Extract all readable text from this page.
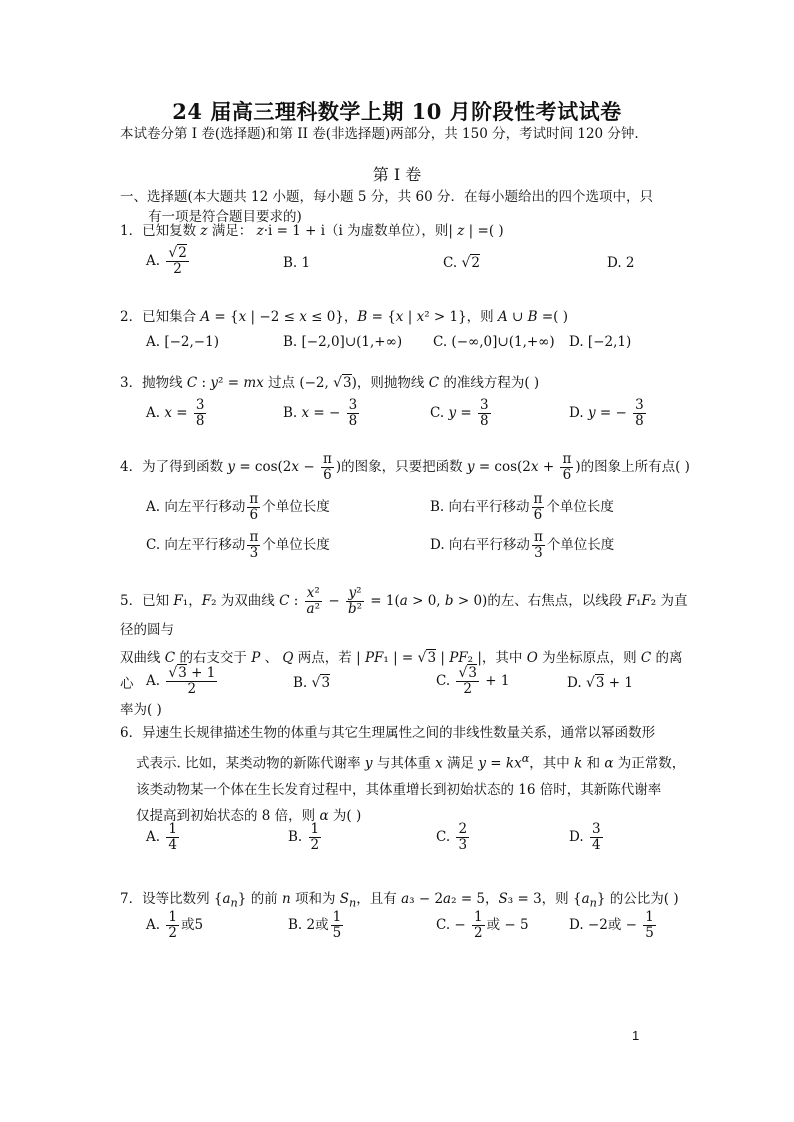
24 届高三理科数学上期 10 月阶段性考试试卷
本试卷分第 I 卷(选择题)和第 II 卷(非选择题)两部分，共 150 分，考试时间 120 分钟.
第 I 卷
一、选择题(本大题共 12 小题，每小题 5 分，共 60 分．在每小题给出的四个选项中，只
有一项是符合题目要求的)
1．已知复数 z 满足： z·i = 1 + i（i 为虚数单位），则| z | =( )
A. $\frac{√2}{2}$	B. 1	C. √2	D. 2
2．已知集合 A = {x | −2 ≤ x ≤ 0}，B = {x | x² > 1}，则 A ∪ B =( )
A. [−2,−1)	B. [−2,0]∪(1,+∞) C. (−∞,0]∪(1,+∞) D. [−2,1)
3．抛物线 C : y² = mx 过点 (−2, √3)，则抛物线 C 的准线方程为( )
A. $x = \frac{3}{8}$	B. x = − $\frac{3}{8}$	C. $y = \frac{3}{8}$	D. y = − $\frac{3}{8}$
4．为了得到函数 $y = \cos(2x - \frac{\pi}{6}$ )的图象，只要把函数 $y = \cos(2x + \frac{\pi}{6}$ )的图象上所有点( )
A. 向左平行移动 $\frac{\pi}{6}$ 个单位长度	B. 向右平行移动 $\frac{\pi}{6}$ 个单位长度
C. 向左平行移动 $\frac{\pi}{3}$ 个单位长度	D. 向右平行移动 $\frac{\pi}{3}$ 个单位长度
5．已知 F₁，F₂ 为双曲线 C : $\frac{\text{x²}}{\text{a²}} - \frac{\text{y²}}{\text{b²}} = 1(a > 0$, b > 0)的左、右焦点，以线段 F₁F₂ 为直径的圆与
双曲线 C 的右支交于 P 、 Q 两点，若 | PF₁ | = √3 | PF₂ |，其中 O 为坐标原点，则 C 的离心
率为( )
A. $\frac{√3 + 1}{2}$	B. √3	C. $\frac{√3}{2} + 1$	D. √3 + 1
6．异速生长规律描述生物的体重与其它生理属性之间的非线性数量关系，通常以幂函数形
式表示. 比如，某类动物的新陈代谢率 y 与其体重 x 满足 $y = kx^\alpha$，其中 k 和 α 为正常数，
该类动物某一个体在生长发育过程中，其体重增长到初始状态的 16 倍时，其新陈代谢率
仅提高到初始状态的 8 倍，则 α 为( )
A. $\frac{1}{4}$	B. $\frac{1}{2}$	C. $\frac{2}{3}$	D. $\frac{3}{4}$
7．设等比数列 $\{a_n\}$ 的前 n 项和为 $S_n$，且有 a₃ − 2a₂ = 5，S₃ = 3，则 $\{a_n\}$ 的公比为( )
A. $\frac{1}{2}$ 或5	B. 2或 $\frac{1}{5}$	C. − $\frac{1}{2}$ 或 − 5	D. −2或 − $\frac{1}{5}$
1
